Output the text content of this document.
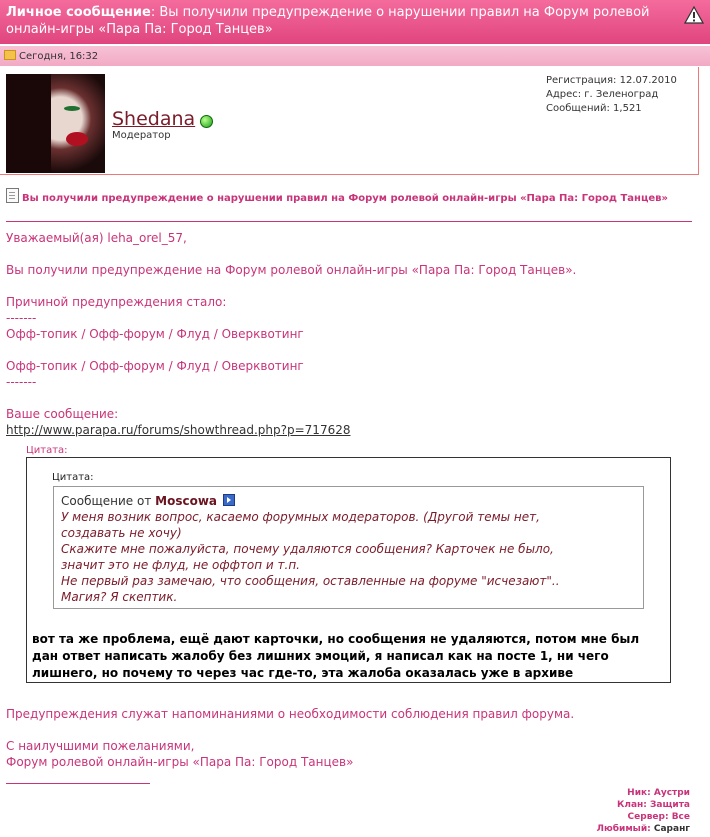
Личное сообщение: Вы получили предупреждение о нарушении правил на Форум ролевой онлайн-игры «Пара Па: Город Танцев»
Сегодня, 16:32
Shedana
Модератор
Регистрация: 12.07.2010
Адрес: г. Зеленоград
Сообщений: 1,521
Вы получили предупреждение о нарушении правил на Форум ролевой онлайн-игры «Пара Па: Город Танцев»
Уважаемый(ая) leha_orel_57,
Вы получили предупреждение на Форум ролевой онлайн-игры «Пара Па: Город Танцев».
Причиной предупреждения стало:
-------
Офф-топик / Офф-форум / Флуд / Оверквотинг
Офф-топик / Офф-форум / Флуд / Оверквотинг
-------
Ваше сообщение:
http://www.parapa.ru/forums/showthread.php?p=717628
Цитата:
Цитата:
Сообщение от Moscowa
У меня возник вопрос, касаемо форумных модераторов. (Другой темы нет,
создавать не хочу)
Скажите мне пожалуйста, почему удаляются сообщения? Карточек не было,
значит это не флуд, не оффтоп и т.п.
Не первый раз замечаю, что сообщения, оставленные на форуме "исчезают"..
Магия? Я скептик.
вот та же проблема, ещё дают карточки, но сообщения не удаляются, потом мне был дан ответ написать жалобу без лишних эмоций, я написал как на посте 1, ни чего лишнего, но почему то через час где-то, эта жалоба оказалась уже в архиве
Предупреждения служат напоминаниями о необходимости соблюдения правил форума.
С наилучшими пожеланиями,
Форум ролевой онлайн-игры «Пара Па: Город Танцев»
Ник: Аустри
Клан: Защита
Сервер: Все
Любимый: Саранг
